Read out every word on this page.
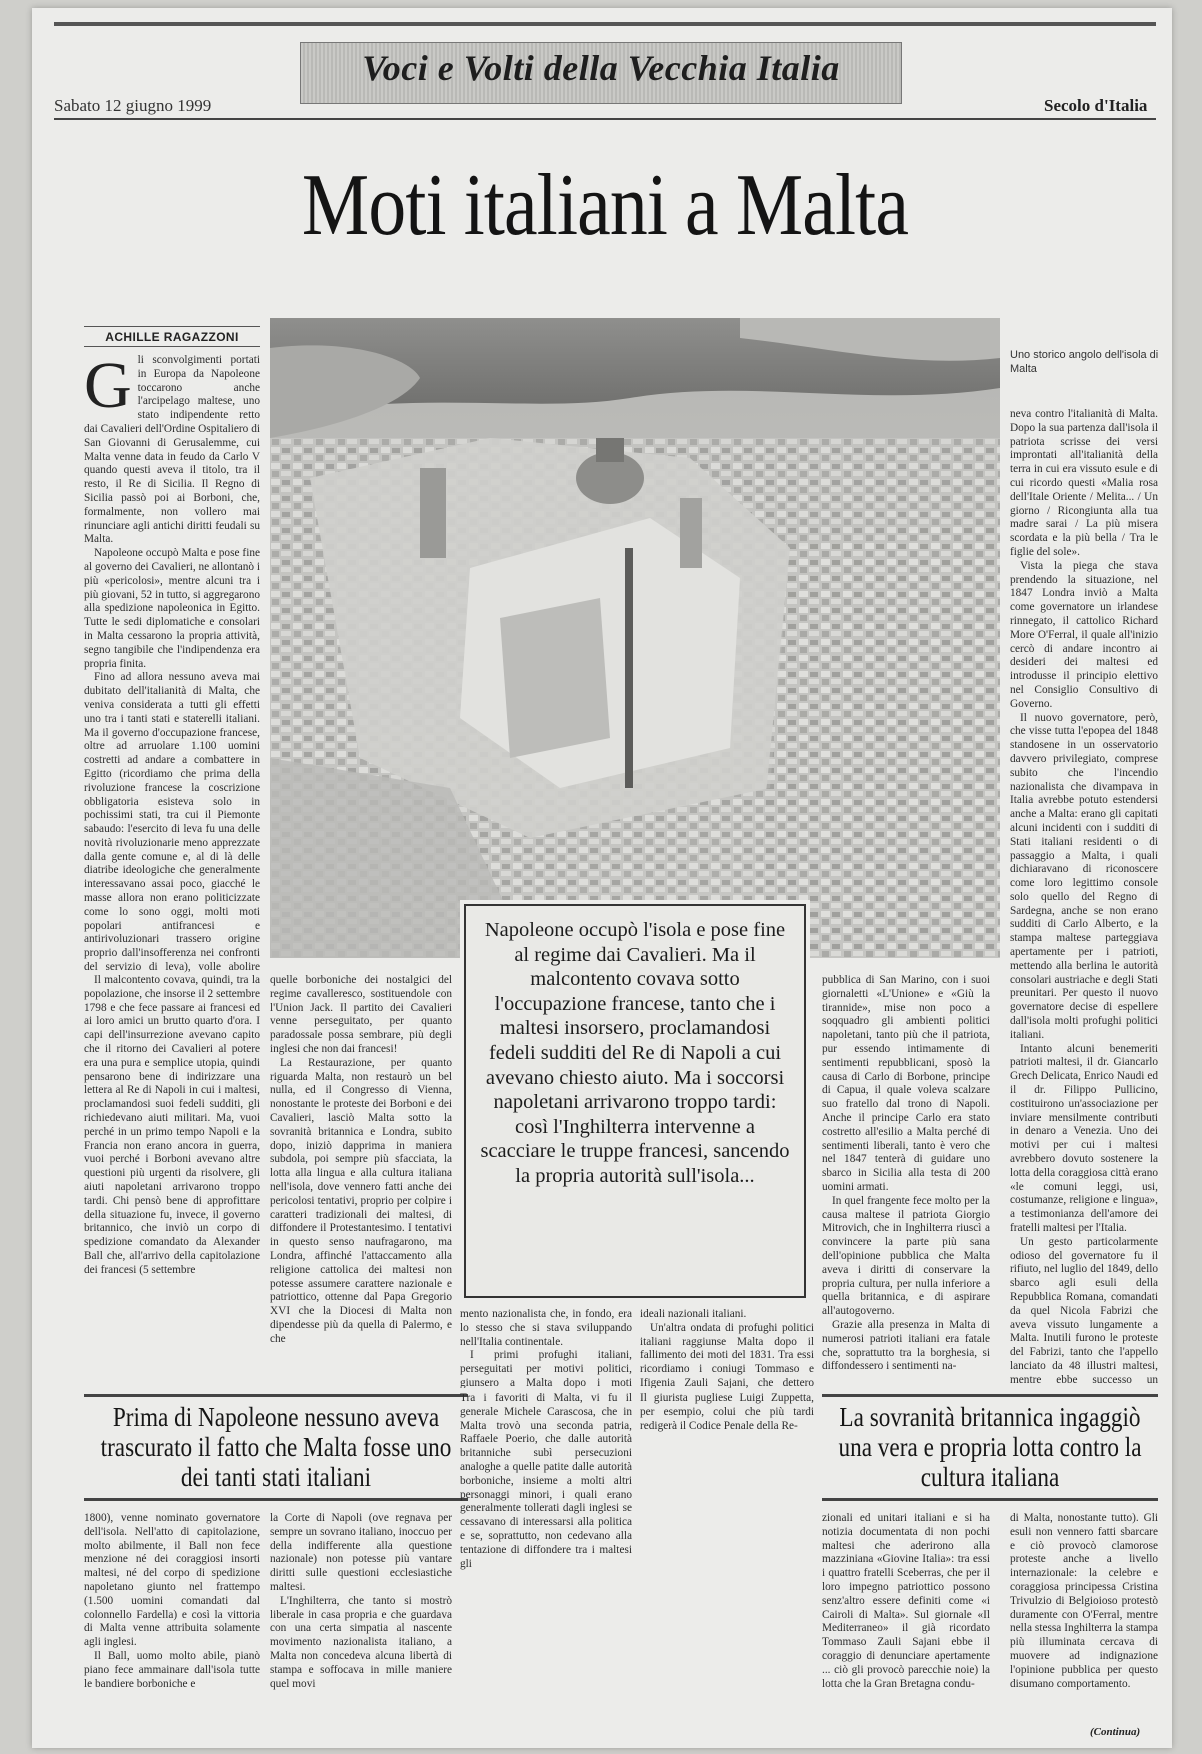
Voci e Volti della Vecchia Italia
Sabato 12 giugno 1999	Secolo d'Italia
Moti italiani a Malta
ACHILLE RAGAZZONI
Uno storico angolo dell'isola di Malta
G li sconvolgimenti portati in Europa da Napoleone toccarono anche l'arcipelago maltese, uno stato indipendente retto dai Cavalieri dell'Ordine Ospitaliero di San Giovanni di Gerusalemme, cui Malta venne data in feudo da Carlo V quando questi aveva il titolo, tra il resto, il Re di Sicilia. Il Regno di Sicilia passò poi ai Borboni, che, formalmente, non vollero mai rinunciare agli antichi diritti feudali su Malta.

Napoleone occupò Malta e pose fine al governo dei Cavalieri, ne allontanò i più «pericolosi», mentre alcuni tra i più giovani, 52 in tutto, si aggregarono alla spedizione napoleonica in Egitto. Tutte le sedi diplomatiche e consolari in Malta cessarono la propria attività, segno tangibile che l'indipendenza era propria finita.

Fino ad allora nessuno aveva mai dubitato dell'italianità di Malta, che veniva considerata a tutti gli effetti uno tra i tanti stati e staterelli italiani. Ma il governo d'occupazione francese, oltre ad arruolare 1.100 uomini costretti ad andare a combattere in Egitto (ricordiamo che prima della rivoluzione francese la coscrizione obbligatoria esisteva solo in pochissimi stati, tra cui il Piemonte sabaudo: l'esercito di leva fu una delle novità rivoluzionarie meno apprezzate dalla gente comune e, al di là delle diatribe ideologiche che generalmente interessavano assai poco, giacché le masse allora non erano politicizzate come lo sono oggi, molti moti popolari antifrancesi e antirivoluzionari trassero origine proprio dall'insofferenza nei confronti del servizio di leva), volle abolire

Il malcontento covava, quindi, tra la popolazione, che insorse il 2 settembre 1798 e che fece passare ai francesi ed ai loro amici un brutto quarto d'ora. I capi dell'insurrezione avevano capito che il ritorno dei Cavalieri al potere era una pura e semplice utopia, quindi pensarono bene di indirizzare una lettera al Re di Napoli in cui i maltesi, proclamandosi suoi fedeli sudditi, gli richiedevano aiuti militari. Ma, vuoi perché in un primo tempo Napoli e la Francia non erano ancora in guerra, vuoi perché i Borboni avevano altre questioni più urgenti da risolvere, gli aiuti napoletani arrivarono troppo tardi. Chi pensò bene di approfittare della situazione fu, invece, il governo britannico, che inviò un corpo di spedizione comandato da Alexander Ball che, all'arrivo della capitolazione dei francesi (5 settembre

quelle borboniche dei nostalgici del regime cavalleresco, sostituendole con l'Union Jack. Il partito dei Cavalieri venne perseguitato, per quanto paradossale possa sembrare, più degli inglesi che non dai francesi!

La Restaurazione, per quanto riguarda Malta, non restaurò un bel nulla, ed il Congresso di Vienna, nonostante le proteste dei Borboni e dei Cavalieri, lasciò Malta sotto la sovranità britannica e Londra, subito dopo, iniziò dapprima in maniera subdola, poi sempre più sfacciata, la lotta alla lingua e alla cultura italiana nell'isola, dove vennero fatti anche dei pericolosi tentativi, proprio per colpire i caratteri tradizionali dei maltesi, di diffondere il Protestantesimo. I tentativi in questo senso naufragarono, ma Londra, affinché l'attaccamento alla religione cattolica dei maltesi non potesse assumere carattere nazionale e patriottico, ottenne dal Papa Gregorio XVI che la Diocesi di Malta non dipendesse più da quella di Palermo, e che

mento nazionalista che, in fondo, era lo stesso che si stava sviluppando nell'Italia continentale.

I primi profughi italiani, perseguitati per motivi politici, giunsero a Malta dopo i moti

ideali nazionali italiani.

Un'altra ondata di profughi politici italiani raggiunse Malta dopo il fallimento dei moti del 1831. Tra essi ricordiamo i coniugi Tommaso e Ifigenia Zauli Sajani, che dettero

pubblica di San Marino, con i suoi giornaletti «L'Unione» e «Giù la tirannide», mise non poco a soqquadro gli ambienti politici napoletani, tanto più che il patriota, pur essendo intimamente di sentimenti repubblicani, sposò la causa di Carlo di Borbone, principe di Capua, il quale voleva scalzare suo fratello dal trono di Napoli. Anche il principe Carlo era stato costretto all'esilio a Malta perché di sentimenti liberali, tanto è vero che nel 1847 tenterà di guidare uno sbarco in Sicilia alla testa di 200 uomini armati.

In quel frangente fece molto per la causa maltese il patriota Giorgio Mitrovich, che in Inghilterra riuscì a convincere la parte più sana dell'opinione pubblica che Malta aveva i diritti di conservare la propria cultura, per nulla inferiore a quella britannica, e di aspirare all'autogoverno.

Grazie alla presenza in Malta di numerosi patrioti italiani era fatale che, soprattutto tra la borghesia, si diffondessero i sentimenti na-

neva contro l'italianità di Malta. Dopo la sua partenza dall'isola il patriota scrisse dei versi improntati all'italianità della terra in cui era vissuto esule e di cui ricordo questi «Malia rosa dell'Itale Oriente / Melita... / Un giorno / Ricongiunta alla tua madre sarai / La più misera scordata e la più bella / Tra le figlie del sole».

Vista la piega che stava prendendo la situazione, nel 1847 Londra inviò a Malta come governatore un irlandese rinnegato, il cattolico Richard More O'Ferral, il quale all'inizio cercò di andare incontro ai desideri dei maltesi ed introdusse il principio elettivo nel Consiglio Consultivo di Governo.

Il nuovo governatore, però, che visse tutta l'epopea del 1848 standosene in un osservatorio davvero privilegiato, comprese subito che l'incendio nazionalista che divampava in Italia avrebbe potuto estendersi anche a Malta: erano gli capitati alcuni incidenti con i sudditi di Stati italiani residenti o di passaggio a Malta, i quali dichiaravano di riconoscere come loro legittimo console solo quello del Regno di Sardegna, anche se non erano sudditi di Carlo Alberto, e la stampa maltese parteggiava apertamente per i patrioti, mettendo alla berlina le autorità consolari austriache e degli Stati preunitari. Per questo il nuovo governatore decise di espellere dall'isola molti profughi politici italiani.

Intanto alcuni benemeriti patrioti maltesi, il dr. Giancarlo Grech Delicata, Enrico Naudi ed il dr. Filippo Pullicino, costituirono un'associazione per inviare mensilmente contributi in denaro a Venezia. Uno dei motivi per cui i maltesi avrebbero dovuto sostenere la lotta della coraggiosa città erano «le comuni leggi, usi, costumanze, religione e lingua», a testimonianza dell'amore dei fratelli maltesi per l'Italia.

Un gesto particolarmente odioso del governatore fu il rifiuto, nel luglio del 1849, dello sbarco agli esuli della Repubblica Romana, comandati da quel Nicola Fabrizi che aveva vissuto lungamente a Malta. Inutili furono le proteste del Fabrizi, tanto che l'appello lanciato da 48 illustri maltesi, mentre ebbe successo un

Napoleone occupò l'isola e pose fine al regime dai Cavalieri. Ma il malcontento covava sotto l'occupazione francese, tanto che i maltesi insorsero, proclamandosi fedeli sudditi del Re di Napoli a cui avevano chiesto aiuto. Ma i soccorsi napoletani arrivarono troppo tardi: così l'Inghilterra intervenne a scacciare le truppe francesi, sancendo la propria autorità sull'isola...
Prima di Napoleone nessuno aveva trascurato il fatto che Malta fosse uno dei tanti stati italiani
La sovranità britannica ingaggiò una vera e propria lotta contro la cultura italiana

1800), venne nominato governatore dell'isola. Nell'atto di capitolazione, molto abilmente, il Ball non fece menzione né dei coraggiosi insorti maltesi, né del corpo di spedizione napoletano giunto nel frattempo (1.500 uomini comandati dal colonnello Fardella) e così la vittoria di Malta venne attribuita solamente agli inglesi.

Il Ball, uomo molto abile, pianò piano fece ammainare dall'isola tutte le bandiere borboniche e

la Corte di Napoli (ove regnava per sempre un sovrano italiano, inoccuo per della indifferente alla questione nazionale) non potesse più vantare diritti sulle questioni ecclesiastiche maltesi.

L'Inghilterra, che tanto si mostrò liberale in casa propria e che guardava con una certa simpatia al nascente movimento nazionalista italiano, a Malta non concedeva alcuna libertà di stampa e soffocava in mille maniere quel movi

Tra i favoriti di Malta, vi fu il generale Michele Carascosa, che in Malta trovò una seconda patria, Raffaele Poerio, che dalle autorità britanniche subì persecuzioni analoghe a quelle patite dalle autorità borboniche, insieme a molti altri personaggi minori, i quali erano generalmente tollerati dagli inglesi se cessavano di interessarsi alla politica e se, soprattutto, non cedevano alla tentazione di diffondere tra i maltesi gli

Il giurista pugliese Luigi Zuppetta, per esempio, colui che più tardi redigerà il Codice Penale della Re-

zionali ed unitari italiani e si ha notizia documentata di non pochi maltesi che aderirono alla mazziniana «Giovine Italia»: tra essi i quattro fratelli Sceberras, che per il loro impegno patriottico possono senz'altro essere definiti come «i Cairoli di Malta». Sul giornale «Il Mediterraneo» il già ricordato Tommaso Zauli Sajani ebbe il coraggio di denunciare apertamente ... ciò gli provocò parecchie noie) la lotta che la Gran Bretagna condu-

di Malta, nonostante tutto). Gli esuli non vennero fatti sbarcare e ciò provocò clamorose proteste anche a livello internazionale: la celebre e coraggiosa principessa Cristina Trivulzio di Belgioioso protestò duramente con O'Ferral, mentre nella stessa Inghilterra la stampa più illuminata cercava di muovere ad indignazione l'opinione pubblica per questo disumano comportamento.

(Continua)
